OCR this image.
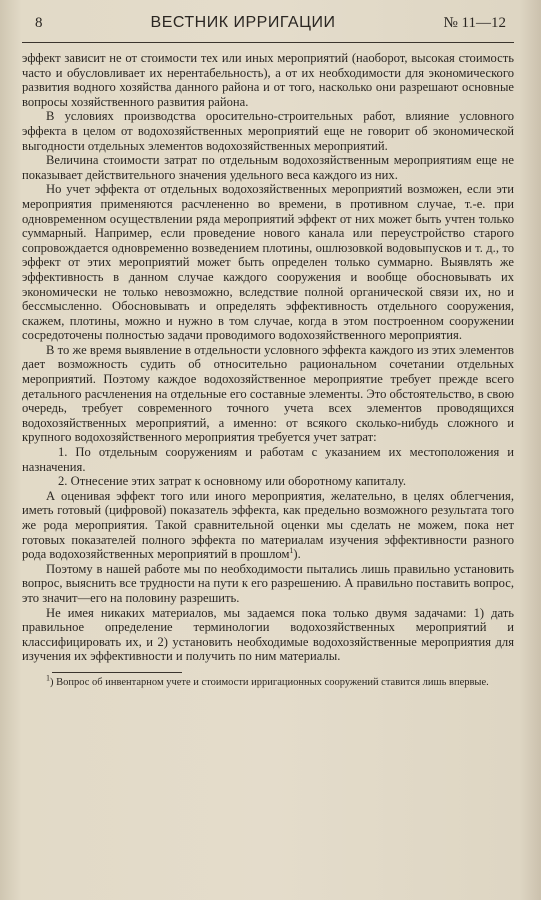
8	ВЕСТНИК ИРРИГАЦИИ	№ 11—12

эффект зависит не от стоимости тех или иных мероприятий (наоборот, высокая стоимость часто и обусловливает их нерентабельность), а от их необходимости для экономического развития водного хозяйства данного района и от того, насколько они разрешают основные вопросы хозяйственного развития района.

В условиях производства оросительно-строительных работ, влияние условного эффекта в целом от водохозяйственных мероприятий еще не говорит об экономической выгодности отдельных элементов водохозяйственных мероприятий.

Величина стоимости затрат по отдельным водохозяйственным мероприятиям еще не показывает действительного значения удельного веса каждого из них.

Но учет эффекта от отдельных водохозяйственных мероприятий возможен, если эти мероприятия применяются расчлененно во времени, в противном случае, т.-е. при одновременном осуществлении ряда мероприятий эффект от них может быть учтен только суммарный. Например, если проведение нового канала или переустройство старого сопровождается одновременно возведением плотины, ошлюзовкой водовыпусков и т. д., то эффект от этих мероприятий может быть определен только суммарно. Выявлять же эффективность в данном случае каждого сооружения и вообще обосновывать их экономически не только невозможно, вследствие полной органической связи их, но и бессмысленно. Обосновывать и определять эффективность отдельного сооружения, скажем, плотины, можно и нужно в том случае, когда в этом построенном сооружении сосредоточены полностью задачи проводимого водохозяйственного мероприятия.

В то же время выявление в отдельности условного эффекта каждого из этих элементов дает возможность судить об относительно рациональном сочетании отдельных мероприятий. Поэтому каждое водохозяйственное мероприятие требует прежде всего детального расчленения на отдельные его составные элементы. Это обстоятельство, в свою очередь, требует современного точного учета всех элементов проводящихся водохозяйственных мероприятий, а именно: от всякого сколько-нибудь сложного и крупного водохозяйственного мероприятия требуется учет затрат:

1. По отдельным сооружениям и работам с указанием их местоположения и назначения.

2. Отнесение этих затрат к основному или оборотному капиталу.

А оценивая эффект того или иного мероприятия, желательно, в целях облегчения, иметь готовый (цифровой) показатель эффекта, как предельно возможного результата того же рода мероприятия. Такой сравнительной оценки мы сделать не можем, пока нет готовых показателей полного эффекта по материалам изучения эффективности разного рода водохозяйственных мероприятий в прошлом$^1$).

Поэтому в нашей работе мы по необходимости пытались лишь правильно установить вопрос, выяснить все трудности на пути к его разрешению. А правильно поставить вопрос, это значит—его на половину разрешить.

Не имея никаких материалов, мы задаемся пока только двумя задачами: 1) дать правильное определение терминологии водохозяйственных мероприятий и классифицировать их, и 2) установить необходимые водохозяйственные мероприятия для изучения их эффективности и получить по ним материалы.

$^1$) Вопрос об инвентарном учете и стоимости ирригационных сооружений ставится лишь впервые.
